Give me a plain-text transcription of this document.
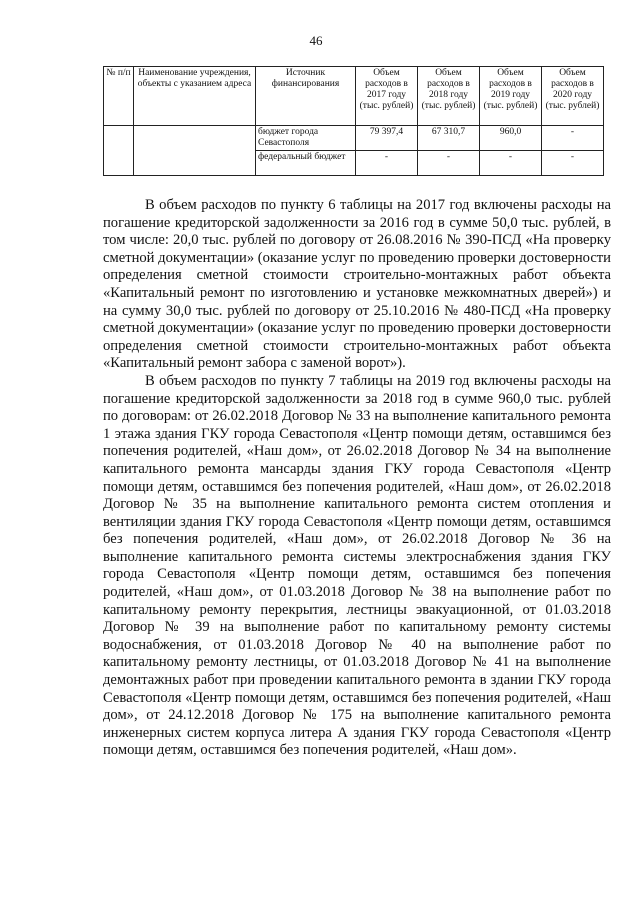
46
№ п/п	Наименование учреждения, объекты с указанием адреса	Источник финансирования	Объем расходов в 2017 году (тыс. рублей)	Объем расходов в 2018 году (тыс. рублей)	Объем расходов в 2019 году (тыс. рублей)	Объем расходов в 2020 году (тыс. рублей)
		бюджет города Севастополя	79 397,4	67 310,7	960,0	-
		федеральный бюджет	-	-	-	-

В объем расходов по пункту 6 таблицы на 2017 год включены расходы на погашение кредиторской задолженности за 2016 год в сумме 50,0 тыс. рублей, в том числе: 20,0 тыс. рублей по договору от 26.08.2016 № 390-ПСД «На проверку сметной документации» (оказание услуг по проведению проверки достоверности определения сметной стоимости строительно-монтажных работ объекта «Капитальный ремонт по изготовлению и установке межкомнатных дверей») и на сумму 30,0 тыс. рублей по договору от 25.10.2016 № 480-ПСД «На проверку сметной документации» (оказание услуг по проведению проверки достоверности определения сметной стоимости строительно-монтажных работ объекта «Капитальный ремонт забора с заменой ворот»).

В объем расходов по пункту 7 таблицы на 2019 год включены расходы на погашение кредиторской задолженности за 2018 год в сумме 960,0 тыс. рублей по договорам: от 26.02.2018 Договор № 33 на выполнение капитального ремонта 1 этажа здания ГКУ города Севастополя «Центр помощи детям, оставшимся без попечения родителей, «Наш дом», от 26.02.2018 Договор № 34 на выполнение капитального ремонта мансарды здания ГКУ города Севастополя «Центр помощи детям, оставшимся без попечения родителей, «Наш дом», от 26.02.2018 Договор № 35 на выполнение капитального ремонта систем отопления и вентиляции здания ГКУ города Севастополя «Центр помощи детям, оставшимся без попечения родителей, «Наш дом», от 26.02.2018 Договор № 36 на выполнение капитального ремонта системы электроснабжения здания ГКУ города Севастополя «Центр помощи детям, оставшимся без попечения родителей, «Наш дом», от 01.03.2018 Договор № 38 на выполнение работ по капитальному ремонту перекрытия, лестницы эвакуационной, от 01.03.2018 Договор № 39 на выполнение работ по капитальному ремонту системы водоснабжения, от 01.03.2018 Договор № 40 на выполнение работ по капитальному ремонту лестницы, от 01.03.2018 Договор № 41 на выполнение демонтажных работ при проведении капитального ремонта в здании ГКУ города Севастополя «Центр помощи детям, оставшимся без попечения родителей, «Наш дом», от 24.12.2018 Договор № 175 на выполнение капитального ремонта инженерных систем корпуса литера А здания ГКУ города Севастополя «Центр помощи детям, оставшимся без попечения родителей, «Наш дом».
